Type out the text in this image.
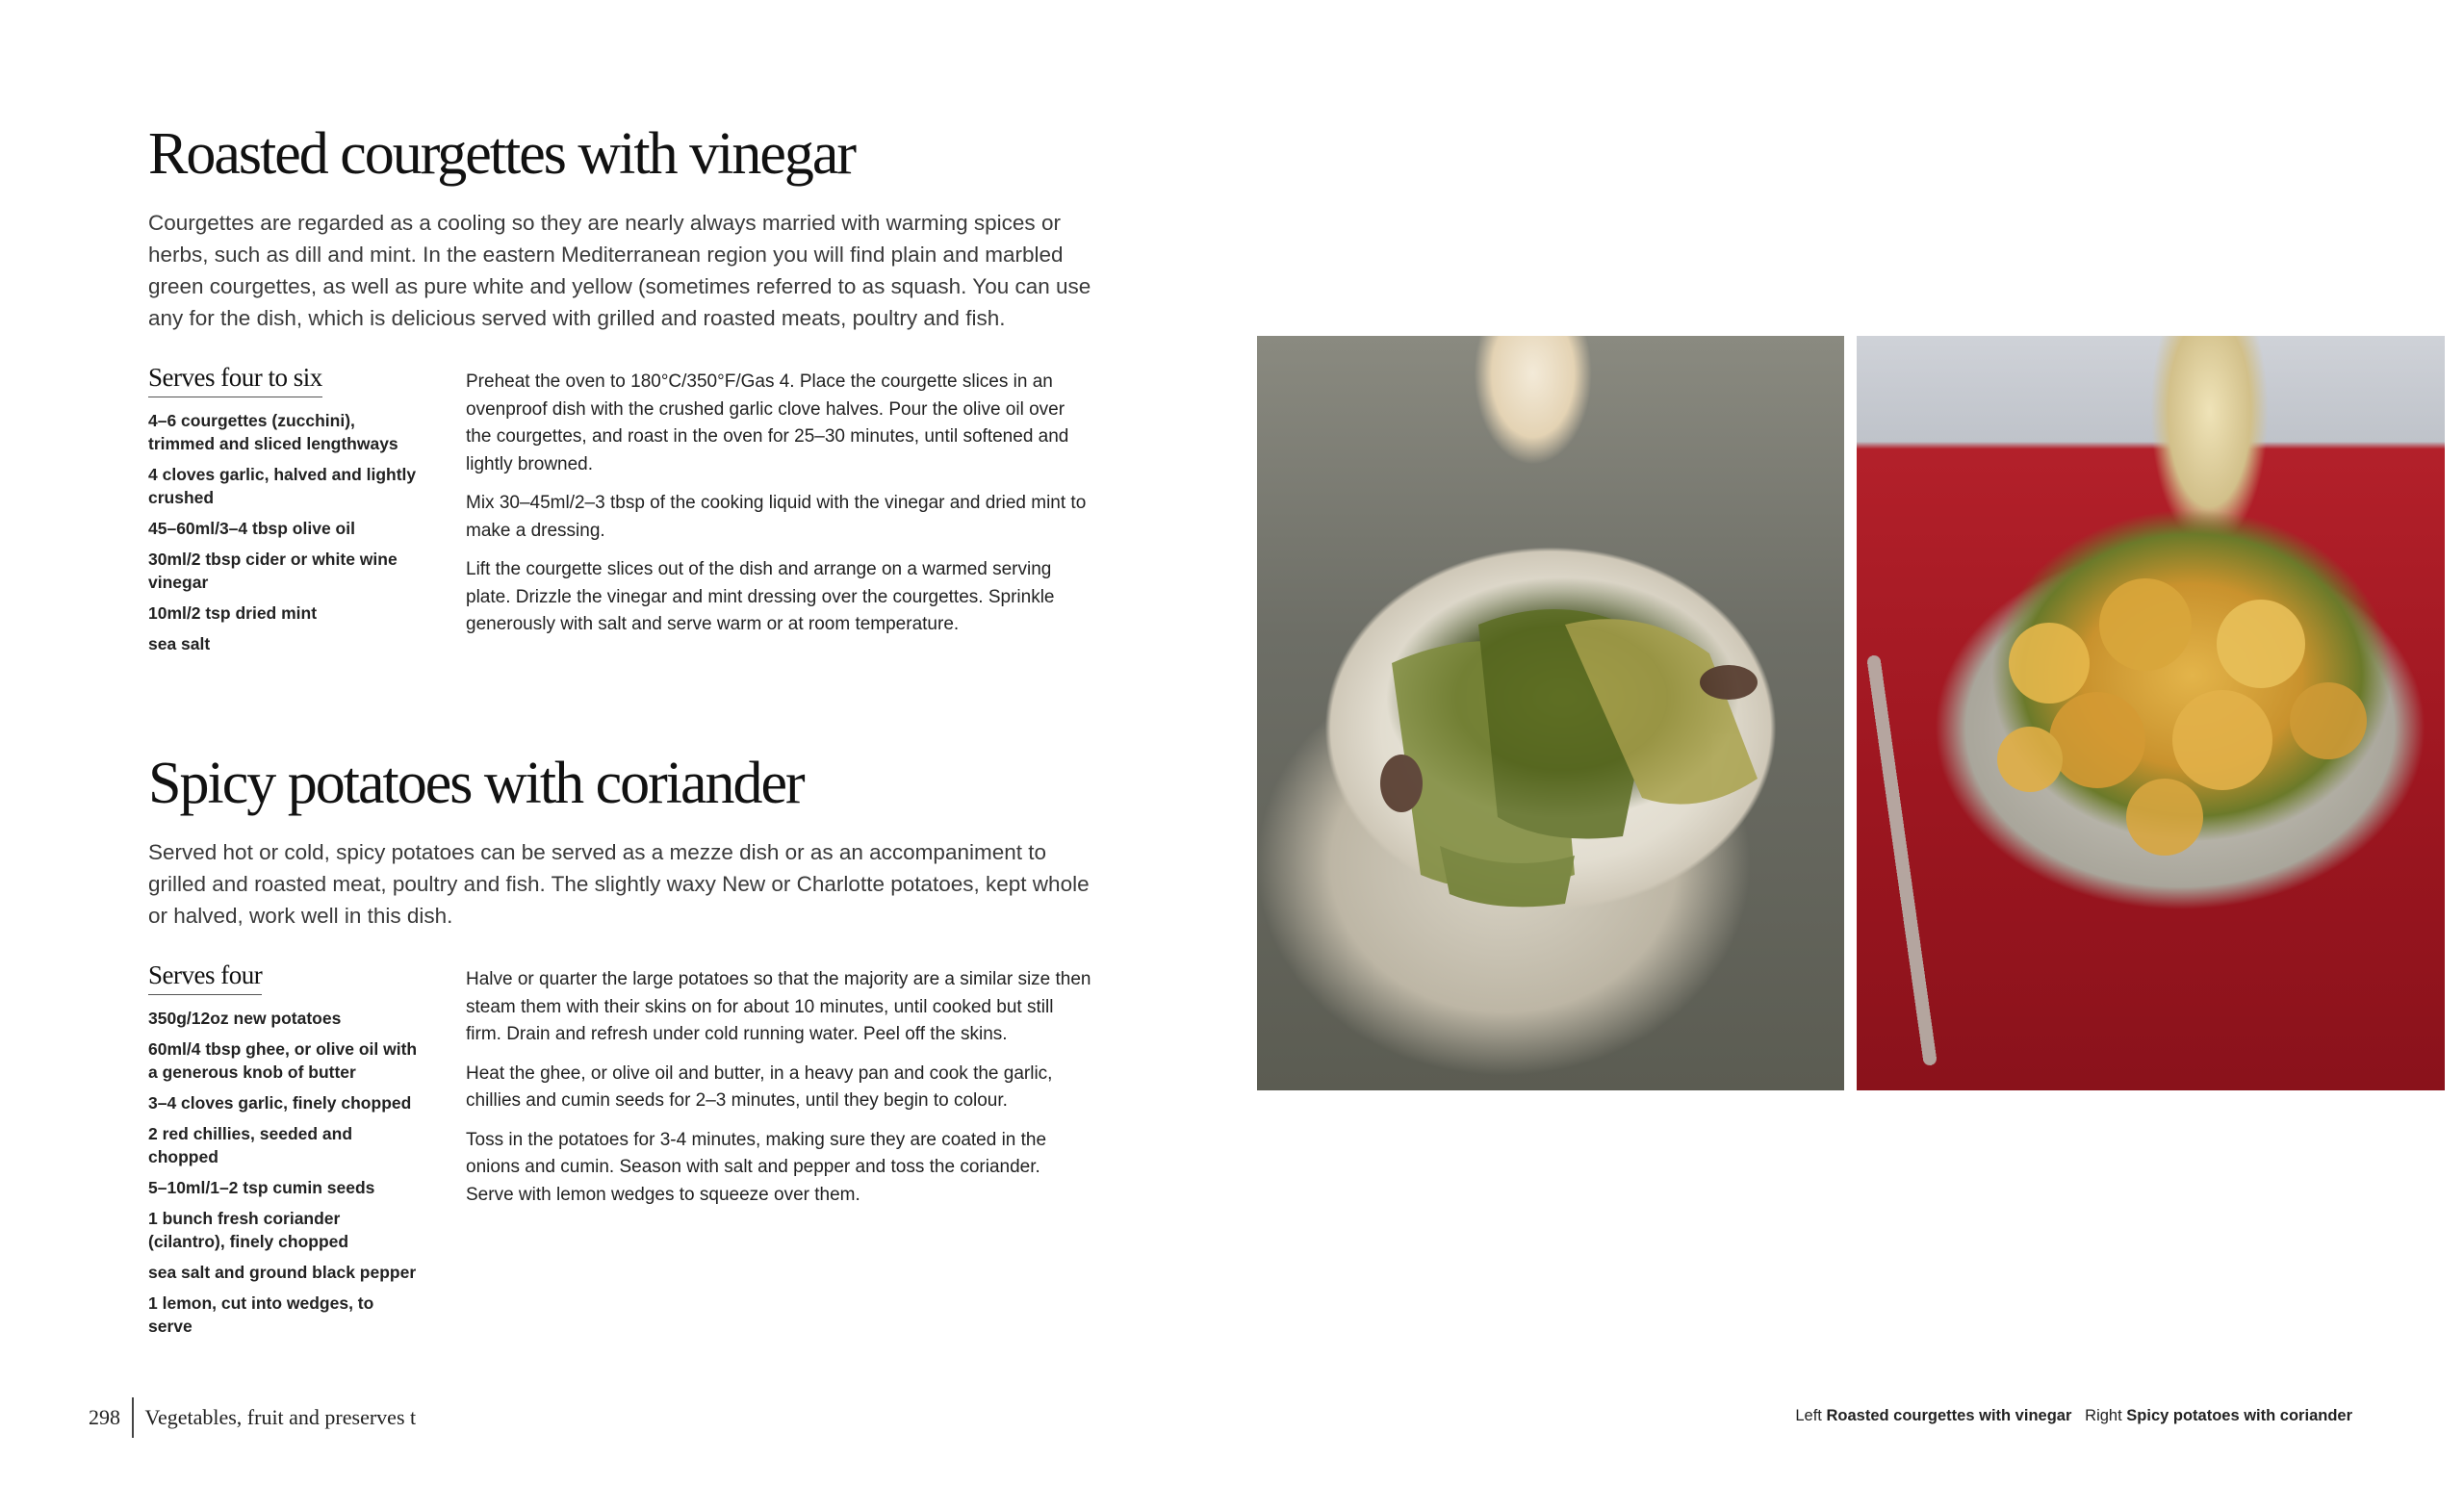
Roasted courgettes with vinegar

Courgettes are regarded as a cooling so they are nearly always married with warming spices or herbs, such as dill and mint. In the eastern Mediterranean region you will find plain and marbled green courgettes, as well as pure white and yellow (sometimes referred to as squash. You can use any for the dish, which is delicious served with grilled and roasted meats, poultry and fish.

Serves four to six
4–6 courgettes (zucchini), trimmed and sliced lengthways
4 cloves garlic, halved and lightly crushed
45–60ml/3–4 tbsp olive oil
30ml/2 tbsp cider or white wine vinegar
10ml/2 tsp dried mint
sea salt

Preheat the oven to 180°C/350°F/Gas 4. Place the courgette slices in an ovenproof dish with the crushed garlic clove halves. Pour the olive oil over the courgettes, and roast in the oven for 25–30 minutes, until softened and lightly browned.

Mix 30–45ml/2–3 tbsp of the cooking liquid with the vinegar and dried mint to make a dressing.

Lift the courgette slices out of the dish and arrange on a warmed serving plate. Drizzle the vinegar and mint dressing over the courgettes. Sprinkle generously with salt and serve warm or at room temperature.

Spicy potatoes with coriander

Served hot or cold, spicy potatoes can be served as a mezze dish or as an accompaniment to grilled and roasted meat, poultry and fish. The slightly waxy New or Charlotte potatoes, kept whole or halved, work well in this dish.

Serves four
350g/12oz new potatoes
60ml/4 tbsp ghee, or olive oil with a generous knob of butter
3–4 cloves garlic, finely chopped
2 red chillies, seeded and chopped
5–10ml/1–2 tsp cumin seeds
1 bunch fresh coriander (cilantro), finely chopped
sea salt and ground black pepper
1 lemon, cut into wedges, to serve

Halve or quarter the large potatoes so that the majority are a similar size then steam them with their skins on for about 10 minutes, until cooked but still firm. Drain and refresh under cold running water. Peel off the skins.

Heat the ghee, or olive oil and butter, in a heavy pan and cook the garlic, chillies and cumin seeds for 2–3 minutes, until they begin to colour.

Toss in the potatoes for 3-4 minutes, making sure they are coated in the onions and cumin. Season with salt and pepper and toss the coriander. Serve with lemon wedges to squeeze over them.

298	Vegetables, fruit and preserves t	Left Roasted courgettes with vinegar Right Spicy potatoes with coriander
